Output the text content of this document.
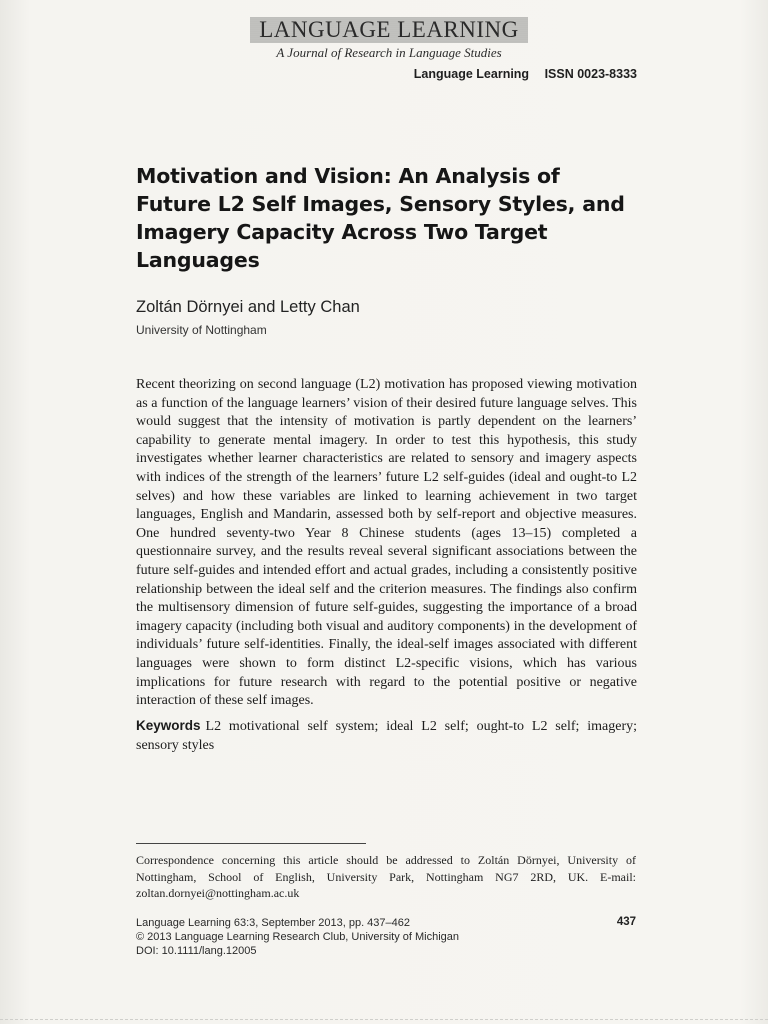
LANGUAGE LEARNING
A Journal of Research in Language Studies
Language Learning ISSN 0023-8333
Motivation and Vision: An Analysis of Future L2 Self Images, Sensory Styles, and Imagery Capacity Across Two Target Languages
Zoltán Dörnyei and Letty Chan
University of Nottingham

Recent theorizing on second language (L2) motivation has proposed viewing motivation as a function of the language learners’ vision of their desired future language selves. This would suggest that the intensity of motivation is partly dependent on the learners’ capability to generate mental imagery. In order to test this hypothesis, this study investigates whether learner characteristics are related to sensory and imagery aspects with indices of the strength of the learners’ future L2 self-guides (ideal and ought-to L2 selves) and how these variables are linked to learning achievement in two target languages, English and Mandarin, assessed both by self-report and objective measures. One hundred seventy-two Year 8 Chinese students (ages 13–15) completed a questionnaire survey, and the results reveal several significant associations between the future self-guides and intended effort and actual grades, including a consistently positive relationship between the ideal self and the criterion measures. The findings also confirm the multisensory dimension of future self-guides, suggesting the importance of a broad imagery capacity (including both visual and auditory components) in the development of individuals’ future self-identities. Finally, the ideal-self images associated with different languages were shown to form distinct L2-specific visions, which has various implications for future research with regard to the potential positive or negative interaction of these self images.

Keywords L2 motivational self system; ideal L2 self; ought-to L2 self; imagery; sensory styles

Correspondence concerning this article should be addressed to Zoltán Dörnyei, University of Nottingham, School of English, University Park, Nottingham NG7 2RD, UK. E-mail: zoltan.dornyei@nottingham.ac.uk

Language Learning 63:3, September 2013, pp. 437–462
© 2013 Language Learning Research Club, University of Michigan
DOI: 10.1111/lang.12005
437
